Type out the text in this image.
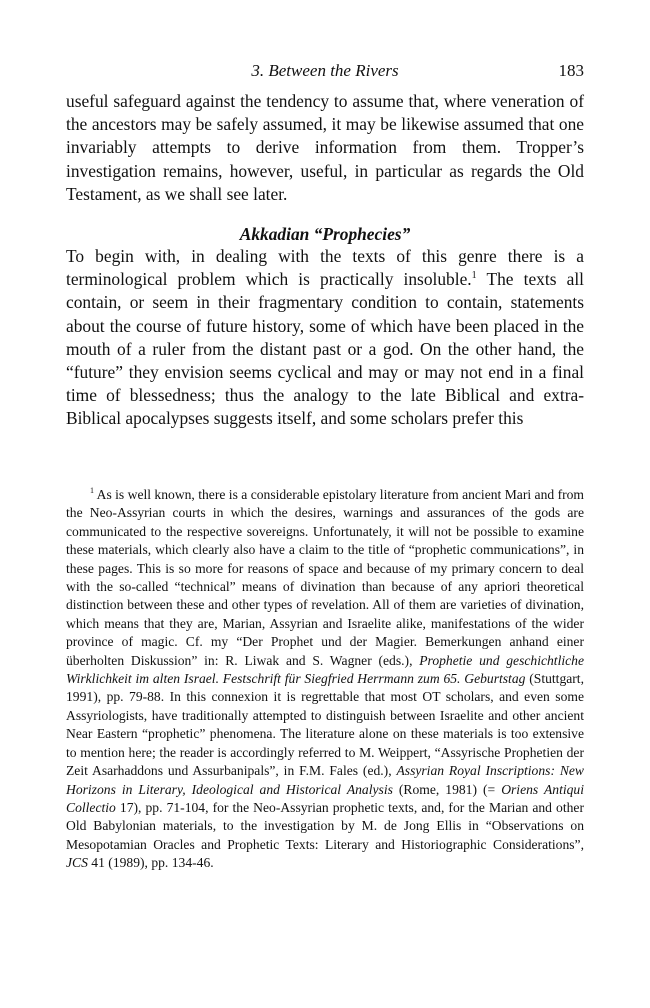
3. Between the Rivers	183

useful safeguard against the tendency to assume that, where veneration of the ancestors may be safely assumed, it may be likewise assumed that one invariably attempts to derive information from them. Tropper’s investigation remains, however, useful, in particular as regards the Old Testament, as we shall see later.

Akkadian “Prophecies”

To begin with, in dealing with the texts of this genre there is a terminological problem which is practically insoluble.$^1$ The texts all contain, or seem in their fragmentary condition to contain, statements about the course of future history, some of which have been placed in the mouth of a ruler from the distant past or a god. On the other hand, the “future” they envision seems cyclical and may or may not end in a final time of blessedness; thus the analogy to the late Biblical and extra-Biblical apocalypses suggests itself, and some scholars prefer this

$^1$ As is well known, there is a considerable epistolary literature from ancient Mari and from the Neo-Assyrian courts in which the desires, warnings and assurances of the gods are communicated to the respective sovereigns. Unfortunately, it will not be possible to examine these materials, which clearly also have a claim to the title of “prophetic communications”, in these pages. This is so more for reasons of space and because of my primary concern to deal with the so-called “technical” means of divination than because of any apriori theoretical distinction between these and other types of revelation. All of them are varieties of divination, which means that they are, Marian, Assyrian and Israelite alike, manifestations of the wider province of magic. Cf. my “Der Prophet und der Magier. Bemerkungen anhand einer überholten Diskussion” in: R. Liwak and S. Wagner (eds.), Prophetie und geschichtliche Wirklichkeit im alten Israel. Festschrift für Siegfried Herrmann zum 65. Geburtstag (Stuttgart, 1991), pp. 79-88. In this connexion it is regrettable that most OT scholars, and even some Assyriologists, have traditionally attempted to distinguish between Israelite and other ancient Near Eastern “prophetic” phenomena. The literature alone on these materials is too extensive to mention here; the reader is accordingly referred to M. Weippert, “Assyrische Prophetien der Zeit Asarhaddons und Assurbanipals”, in F.M. Fales (ed.), Assyrian Royal Inscriptions: New Horizons in Literary, Ideological and Historical Analysis (Rome, 1981) (= Oriens Antiqui Collectio 17), pp. 71-104, for the Neo-Assyrian prophetic texts, and, for the Marian and other Old Babylonian materials, to the investigation by M. de Jong Ellis in “Observations on Mesopotamian Oracles and Prophetic Texts: Literary and Historiographic Considerations”, JCS 41 (1989), pp. 134-46.
